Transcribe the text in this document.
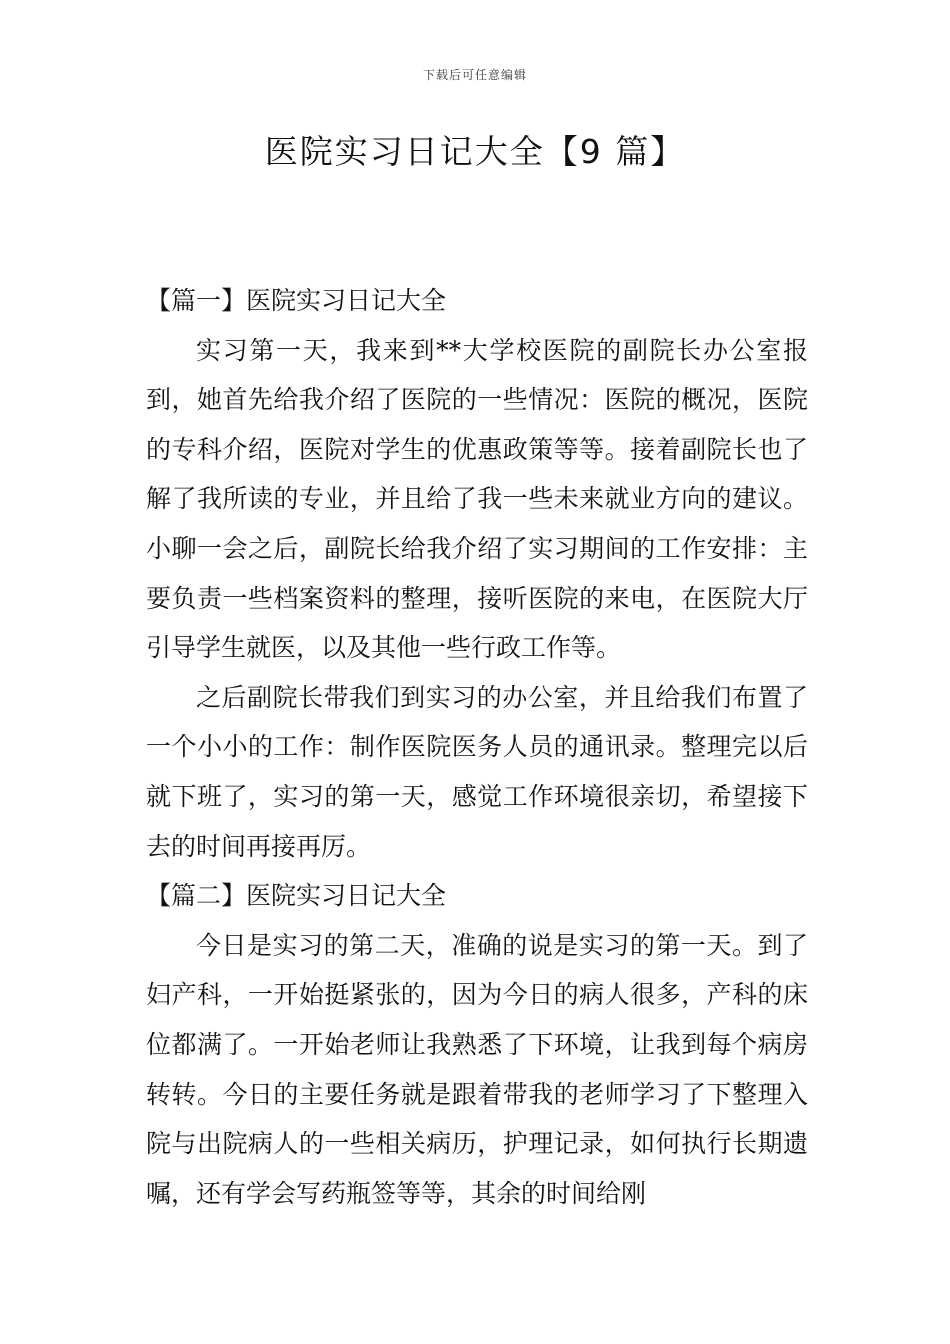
下载后可任意编辑
医院实习日记大全【9 篇】
【篇一】医院实习日记大全

实习第一天，我来到**大学校医院的副院长办公室报到，她首先给我介绍了医院的一些情况：医院的概况，医院的专科介绍，医院对学生的优惠政策等等。接着副院长也了解了我所读的专业，并且给了我一些未来就业方向的建议。小聊一会之后，副院长给我介绍了实习期间的工作安排：主要负责一些档案资料的整理，接听医院的来电，在医院大厅引导学生就医，以及其他一些行政工作等。

之后副院长带我们到实习的办公室，并且给我们布置了一个小小的工作：制作医院医务人员的通讯录。整理完以后就下班了，实习的第一天，感觉工作环境很亲切，希望接下去的时间再接再厉。

【篇二】医院实习日记大全

今日是实习的第二天，准确的说是实习的第一天。到了妇产科，一开始挺紧张的，因为今日的病人很多，产科的床位都满了。一开始老师让我熟悉了下环境，让我到每个病房转转。今日的主要任务就是跟着带我的老师学习了下整理入院与出院病人的一些相关病历，护理记录，如何执行长期遗嘱，还有学会写药瓶签等等，其余的时间给刚
